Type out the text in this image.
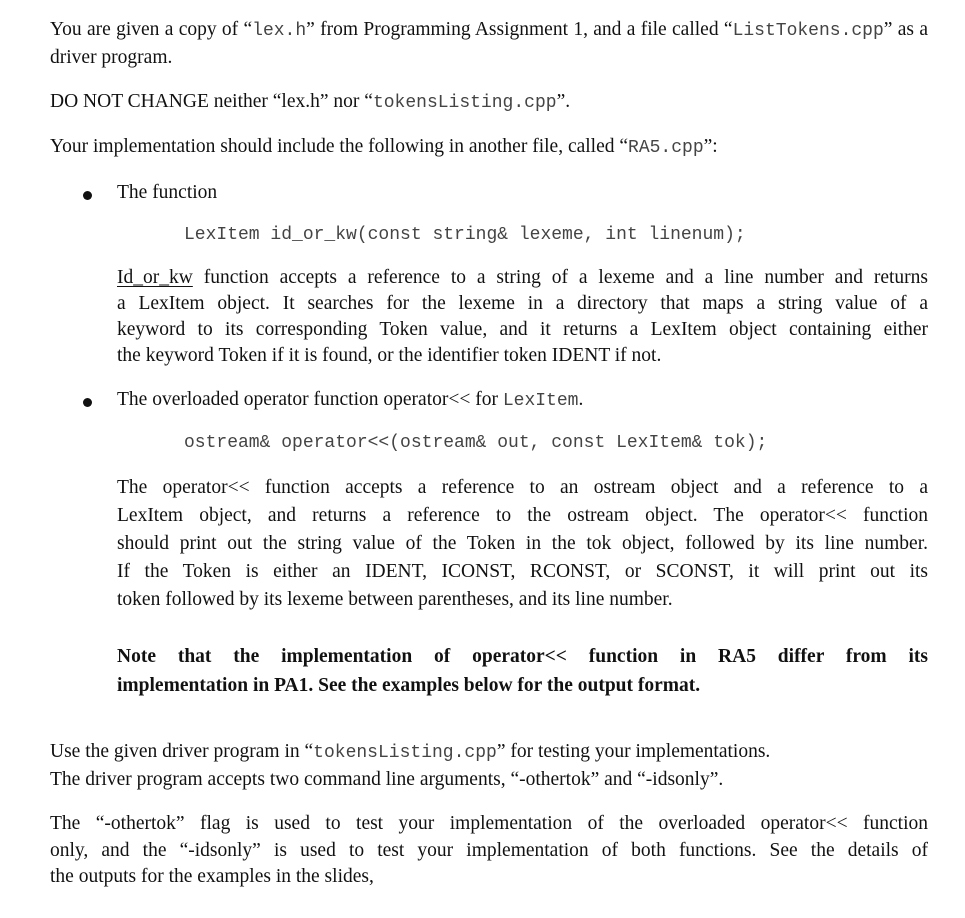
You are given a copy of “lex.h” from Programming Assignment 1, and a file called “ListTokens.cpp” as a driver program.
DO NOT CHANGE neither “lex.h” nor “tokensListing.cpp”.
Your implementation should include the following in another file, called “RA5.cpp”:
The function
LexItem id_or_kw(const string& lexeme, int linenum);
Id_or_kw function accepts a reference to a string of a lexeme and a line number and returns
a LexItem object. It searches for the lexeme in a directory that maps a string value of a
keyword to its corresponding Token value, and it returns a LexItem object containing either
the keyword Token if it is found, or the identifier token IDENT if not.
The overloaded operator function operator<< for LexItem.
ostream& operator<<(ostream& out, const LexItem& tok);
The operator<< function accepts a reference to an ostream object and a reference to a
LexItem object, and returns a reference to the ostream object. The operator<< function
should print out the string value of the Token in the tok object, followed by its line number.
If the Token is either an IDENT, ICONST, RCONST, or SCONST, it will print out its
token followed by its lexeme between parentheses, and its line number.
Note that the implementation of operator<< function in RA5 differ from its
implementation in PA1. See the examples below for the output format.
Use the given driver program in “tokensListing.cpp” for testing your implementations.
The driver program accepts two command line arguments, “-othertok” and “-idsonly”.
The “-othertok” flag is used to test your implementation of the overloaded operator<< function
only, and the “-idsonly” is used to test your implementation of both functions. See the details of
the outputs for the examples in the slides,
